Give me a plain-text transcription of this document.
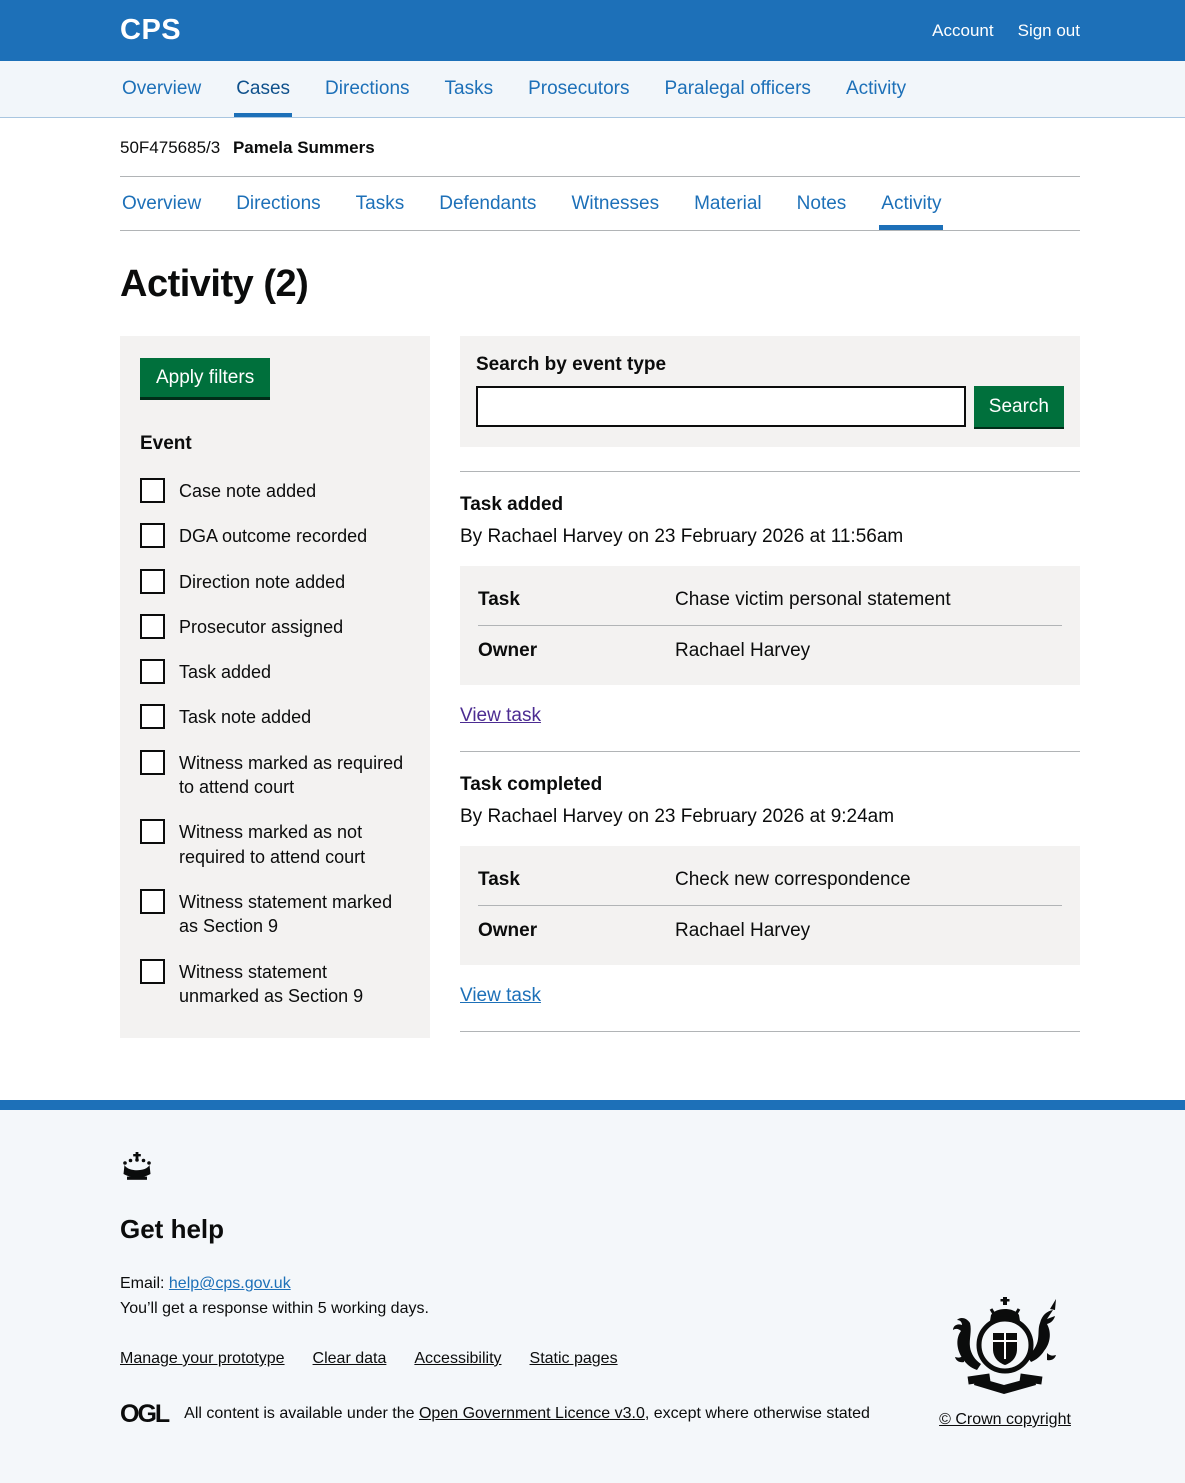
CPS	Account Sign out
Overview Cases Directions Tasks Prosecutors Paralegal officers Activity
50F475685/3 Pamela Summers
Overview Directions Tasks Defendants Witnesses Material Notes Activity
Activity (2)
Apply filters
Event
Case note added
DGA outcome recorded
Direction note added
Prosecutor assigned
Task added
Task note added
Witness marked as required to attend court
Witness marked as not required to attend court
Witness statement marked as Section 9
Witness statement unmarked as Section 9
Search by event type
Search
Task added

By Rachael Harvey on 23 February 2026 at 11:56am

Task	Chase victim personal statement
Owner	Rachael Harvey
View task
Task completed

By Rachael Harvey on 23 February 2026 at 9:24am

Task	Check new correspondence
Owner	Rachael Harvey
View task
Get help

Email: help@cps.gov.uk

You’ll get a response within 5 working days.

Manage your prototype Clear data Accessibility Static pages
OGL All content is available under the Open Government Licence v3.0, except where otherwise stated	© Crown copyright
